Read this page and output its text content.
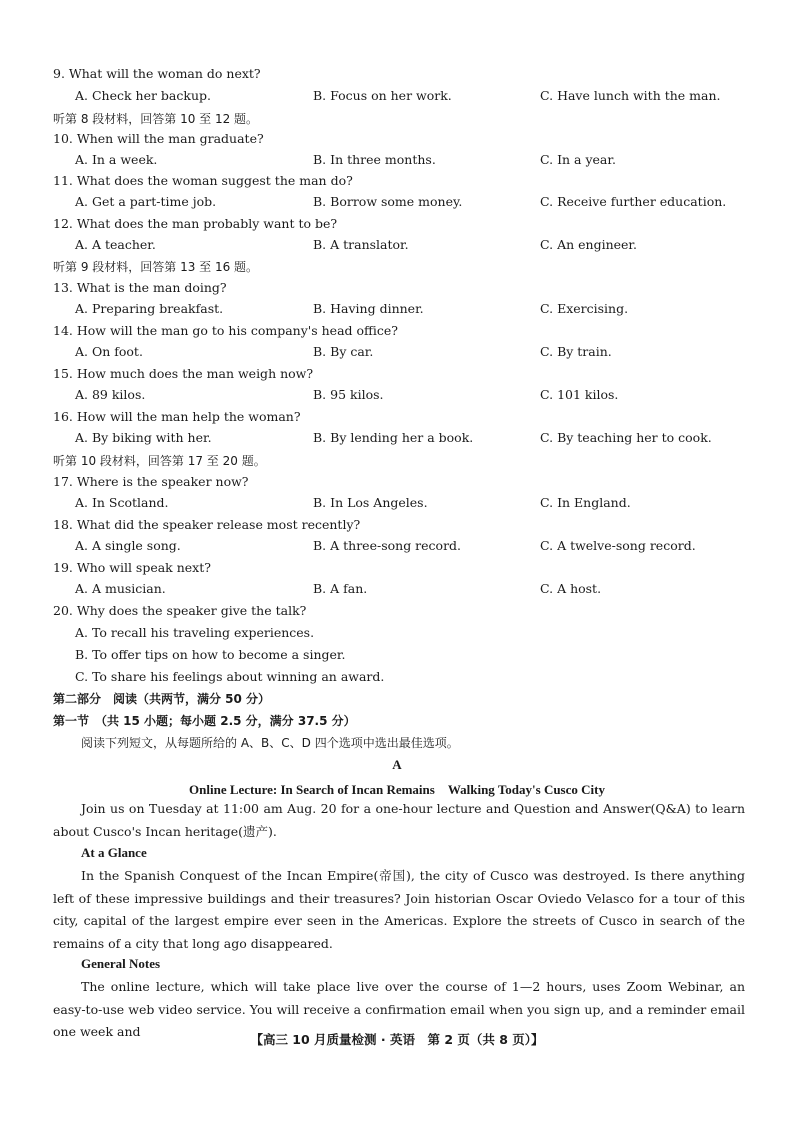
9. What will the woman do next?
A. Check her backup.	B. Focus on her work.	C. Have lunch with the man.
听第 8 段材料，回答第 10 至 12 题。
10. When will the man graduate?
A. In a week.	B. In three months.	C. In a year.
11. What does the woman suggest the man do?
A. Get a part-time job.	B. Borrow some money.	C. Receive further education.
12. What does the man probably want to be?
A. A teacher.	B. A translator.	C. An engineer.
听第 9 段材料，回答第 13 至 16 题。
13. What is the man doing?
A. Preparing breakfast.	B. Having dinner.	C. Exercising.
14. How will the man go to his company's head office?
A. On foot.	B. By car.	C. By train.
15. How much does the man weigh now?
A. 89 kilos.	B. 95 kilos.	C. 101 kilos.
16. How will the man help the woman?
A. By biking with her.	B. By lending her a book.	C. By teaching her to cook.
听第 10 段材料，回答第 17 至 20 题。
17. Where is the speaker now?
A. In Scotland.	B. In Los Angeles.	C. In England.
18. What did the speaker release most recently?
A. A single song.	B. A three-song record.	C. A twelve-song record.
19. Who will speak next?
A. A musician.	B. A fan.	C. A host.
20. Why does the speaker give the talk?
A. To recall his traveling experiences.
B. To offer tips on how to become a singer.
C. To share his feelings about winning an award.
第二部分　阅读（共两节，满分 50 分）
第一节　（共 15 小题；每小题 2.5 分，满分 37.5 分）
阅读下列短文，从每题所给的 A、B、C、D 四个选项中选出最佳选项。
A
Online Lecture: In Search of Incan Remains　Walking Today's Cusco City
Join us on Tuesday at 11:00 am Aug. 20 for a one-hour lecture and Question and Answer(Q&A) to learn about Cusco's Incan heritage(遗产).
At a Glance
In the Spanish Conquest of the Incan Empire(帝国), the city of Cusco was destroyed. Is there anything left of these impressive buildings and their treasures? Join historian Oscar Oviedo Velasco for a tour of this city, capital of the largest empire ever seen in the Americas. Explore the streets of Cusco in search of the remains of a city that long ago disappeared.
General Notes
The online lecture, which will take place live over the course of 1—2 hours, uses Zoom Webinar, an easy-to-use web video service. You will receive a confirmation email when you sign up, and a reminder email one week and
【高三 10 月质量检测 · 英语　第 2 页（共 8 页）】
